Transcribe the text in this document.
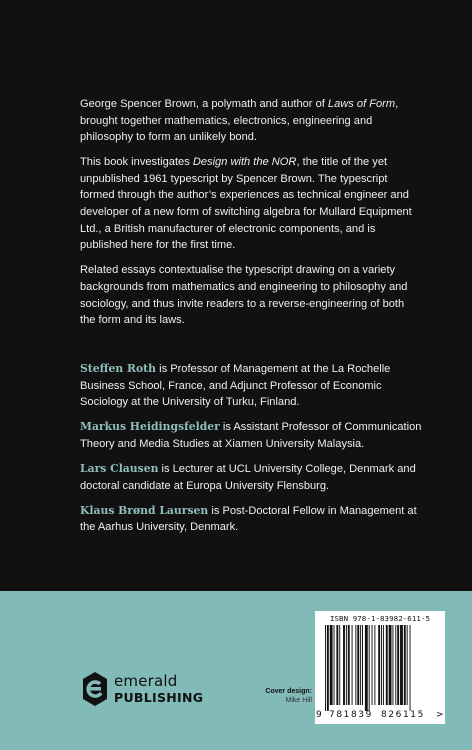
George Spencer Brown, a polymath and author of Laws of Form, brought together mathematics, electronics, engineering and philosophy to form an unlikely bond.

This book investigates Design with the NOR, the title of the yet unpublished 1961 typescript by Spencer Brown. The typescript formed through the author’s experiences as technical engineer and developer of a new form of switching algebra for Mullard Equipment Ltd., a British manufacturer of electronic components, and is published here for the first time.

Related essays contextualise the typescript drawing on a variety backgrounds from mathematics and engineering to philosophy and sociology, and thus invite readers to a reverse-engineering of both the form and its laws.

Steffen Roth is Professor of Management at the La Rochelle Business School, France, and Adjunct Professor of Economic Sociology at the University of Turku, Finland.

Markus Heidingsfelder is Assistant Professor of Communication Theory and Media Studies at Xiamen University Malaysia.

Lars Clausen is Lecturer at UCL University College, Denmark and doctoral candidate at Europa University Flensburg.

Klaus Brønd Laursen is Post-Doctoral Fellow in Management at the Aarhus University, Denmark.

emerald
PUBLISHING	Cover design:
Mike Hill
ISBN 978-1-83982-611-5
9 781839 826115 >
